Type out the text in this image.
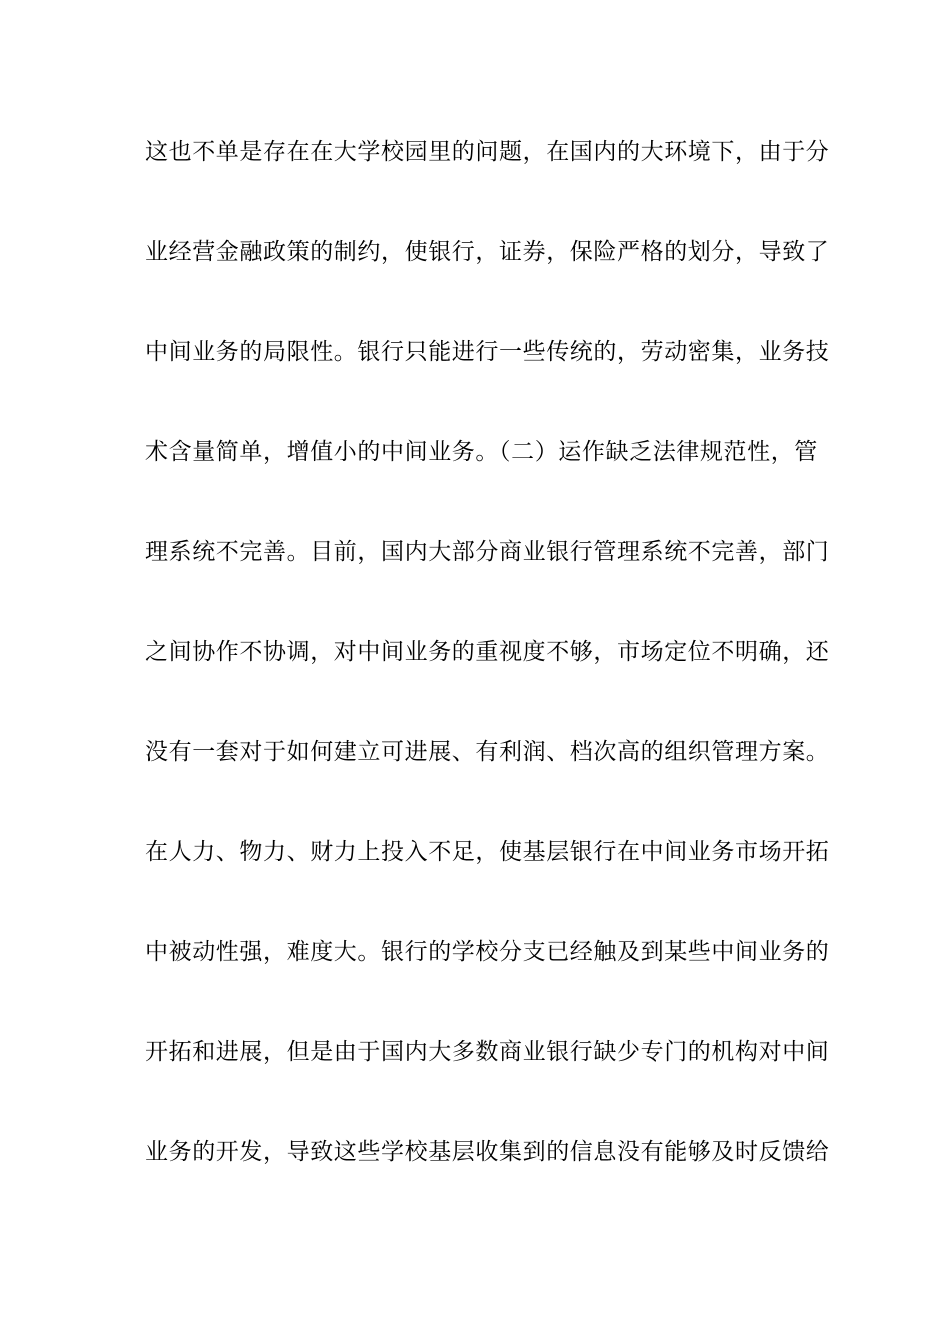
这也不单是存在在大学校园里的问题，在国内的大环境下，由于分
业经营金融政策的制约，使银行，证券，保险严格的划分，导致了
中间业务的局限性。银行只能进行一些传统的，劳动密集，业务技
术含量简单，增值小的中间业务。（二）运作缺乏法律规范性，管
理系统不完善。目前，国内大部分商业银行管理系统不完善，部门
之间协作不协调，对中间业务的重视度不够，市场定位不明确，还
没有一套对于如何建立可进展、有利润、档次高的组织管理方案。
在人力、物力、财力上投入不足，使基层银行在中间业务市场开拓
中被动性强，难度大。银行的学校分支已经触及到某些中间业务的
开拓和进展，但是由于国内大多数商业银行缺少专门的机构对中间
业务的开发，导致这些学校基层收集到的信息没有能够及时反馈给
